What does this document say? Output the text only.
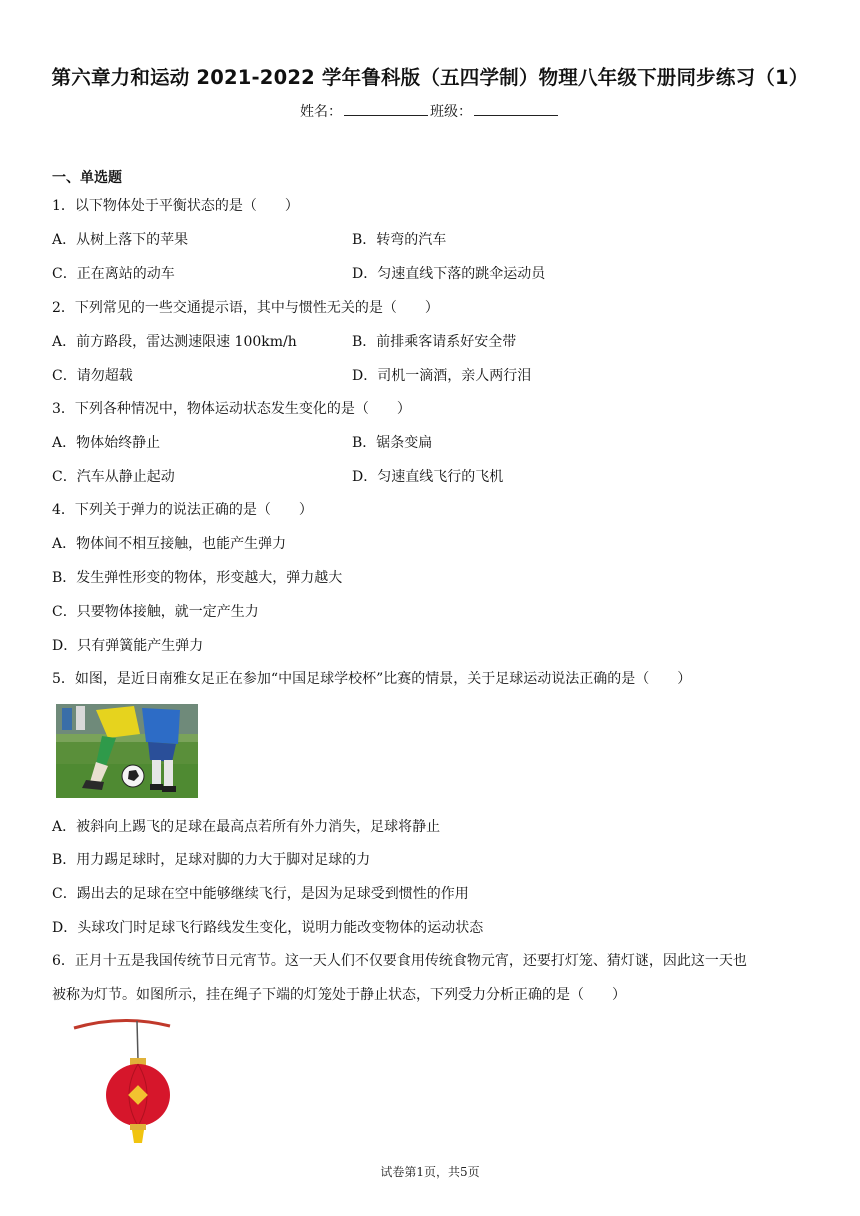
第六章力和运动 2021-2022 学年鲁科版（五四学制）物理八年级下册同步练习（1）
姓名：	班级：
一、单选题
1．以下物体处于平衡状态的是（　　）
A．从树上落下的苹果	B．转弯的汽车
C．正在离站的动车	D．匀速直线下落的跳伞运动员
2．下列常见的一些交通提示语，其中与惯性无关的是（　　）
A．前方路段，雷达测速限速 100km/h	B．前排乘客请系好安全带
C．请勿超载	D．司机一滴酒，亲人两行泪
3．下列各种情况中，物体运动状态发生变化的是（　　）
A．物体始终静止	B．锯条变扁
C．汽车从静止起动	D．匀速直线飞行的飞机
4．下列关于弹力的说法正确的是（　　）
A．物体间不相互接触，也能产生弹力
B．发生弹性形变的物体，形变越大，弹力越大
C．只要物体接触，就一定产生力
D．只有弹簧能产生弹力
5．如图，是近日南雅女足正在参加“中国足球学校杯”比赛的情景，关于足球运动说法正确的是（　　）
A．被斜向上踢飞的足球在最高点若所有外力消失，足球将静止
B．用力踢足球时，足球对脚的力大于脚对足球的力
C．踢出去的足球在空中能够继续飞行，是因为足球受到惯性的作用
D．头球攻门时足球飞行路线发生变化，说明力能改变物体的运动状态
6．正月十五是我国传统节日元宵节。这一天人们不仅要食用传统食物元宵，还要打灯笼、猜灯谜，因此这一天也
被称为灯节。如图所示，挂在绳子下端的灯笼处于静止状态，下列受力分析正确的是（　　）
试卷第1页，共5页
